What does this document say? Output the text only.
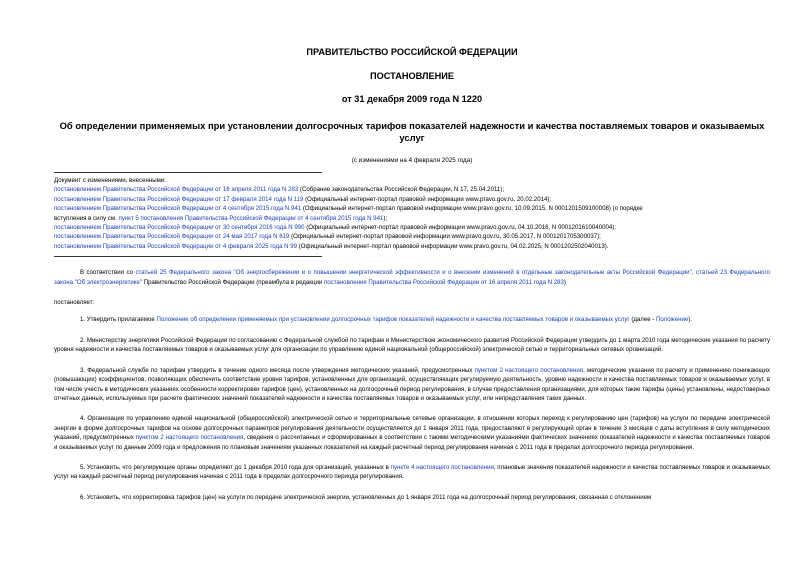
ПРАВИТЕЛЬСТВО РОССИЙСКОЙ ФЕДЕРАЦИИ
ПОСТАНОВЛЕНИЕ
от 31 декабря 2009 года N 1220
Об определении применяемых при установлении долгосрочных тарифов показателей надежности и качества поставляемых товаров и оказываемых услуг
(с изменениями на 4 февраля 2025 года)
Документ с изменениями, внесенными:
постановлением Правительства Российской Федерации от 16 апреля 2011 года N 283 (Собрание законодательства Российской Федерации, N 17, 25.04.2011);
постановлением Правительства Российской Федерации от 17 февраля 2014 года N 119 (Официальный интернет-портал правовой информации www.pravo.gov.ru, 20.02.2014);
постановлением Правительства Российской Федерации от 4 сентября 2015 года N 941 (Официальный интернет-портал правовой информации www.pravo.gov.ru, 10.09.2015, N 0001201509100008) (о порядке
вступления в силу см. пункт 5 постановления Правительства Российской Федерации от 4 сентября 2015 года N 941);
постановлением Правительства Российской Федерации от 30 сентября 2016 года N 990 (Официальный интернет-портал правовой информации www.pravo.gov.ru, 04.10.2016, N 0001201610040004);
постановлением Правительства Российской Федерации от 24 мая 2017 года N 619 (Официальный интернет-портал правовой информации www.pravo.gov.ru, 30.05.2017, N 0001201705300037);
постановлением Правительства Российской Федерации от 4 февраля 2025 года N 99 (Официальный интернет-портал правовой информации www.pravo.gov.ru, 04.02.2025, N 0001202502040013).
В соответствии со статьей 25 Федерального закона "Об энергосбережении и о повышении энергетической эффективности и о внесении изменений в отдельные законодательные акты Российской Федерации", статьей 23 Федерального закона "Об электроэнергетике" Правительство Российской Федерации (преамбула в редакции постановления Правительства Российской Федерации от 16 апреля 2011 года N 283)
постановляет:
1. Утвердить прилагаемое Положение об определении применяемых при установлении долгосрочных тарифов показателей надежности и качества поставляемых товаров и оказываемых услуг (далее - Положение).
2. Министерству энергетики Российской Федерации по согласованию с Федеральной службой по тарифам и Министерством экономического развития Российской Федерации утвердить до 1 марта 2010 года методические указания по расчету уровня надежности и качества поставляемых товаров и оказываемых услуг для организации по управлению единой национальной (общероссийской) электрической сетью и территориальных сетевых организаций.
3. Федеральной службе по тарифам утвердить в течение одного месяца после утверждения методических указаний, предусмотренных пунктом 2 настоящего постановления, методические указания по расчету и применению понижающих (повышающих) коэффициентов, позволяющих обеспечить соответствие уровня тарифов, установленных для организаций, осуществляющих регулируемую деятельность, уровню надежности и качества поставляемых товаров и оказываемых услуг, в том числе учесть в методических указаниях особенности корректировки тарифов (цен), установленных на долгосрочный период регулирования, в случае предоставления организациями, для которых такие тарифы (цены) установлены, недостоверных отчетных данных, используемых при расчете фактических значений показателей надежности и качества поставляемых товаров и оказываемых услуг, или непредставления таких данных.
4. Организация по управлению единой национальной (общероссийской) электрической сетью и территориальные сетевые организации, в отношении которых переход к регулированию цен (тарифов) на услуги по передаче электрической энергии в форме долгосрочных тарифов на основе долгосрочных параметров регулирования деятельности осуществляется до 1 января 2011 года, предоставляют в регулирующий орган в течение 3 месяцев с даты вступления в силу методических указаний, предусмотренных пунктом 2 настоящего постановления, сведения о рассчитанных и сформированных в соответствии с такими методическими указаниями фактических значениях показателей надежности и качества поставляемых товаров и оказываемых услуг по данным 2009 года и предложения по плановым значениям указанных показателей на каждый расчетный период регулирования начиная с 2011 года в пределах долгосрочного периода регулирования.
5. Установить, что регулирующие органы определяют до 1 декабря 2010 года для организаций, указанных в пункте 4 настоящего постановления, плановые значения показателей надежности и качества поставляемых товаров и оказываемых услуг на каждый расчетный период регулирования начиная с 2011 года в пределах долгосрочного периода регулирования.
6. Установить, что корректировка тарифов (цен) на услуги по передаче электрической энергии, установленных до 1 января 2011 года на долгосрочный период регулирования, связанная с отклонением
